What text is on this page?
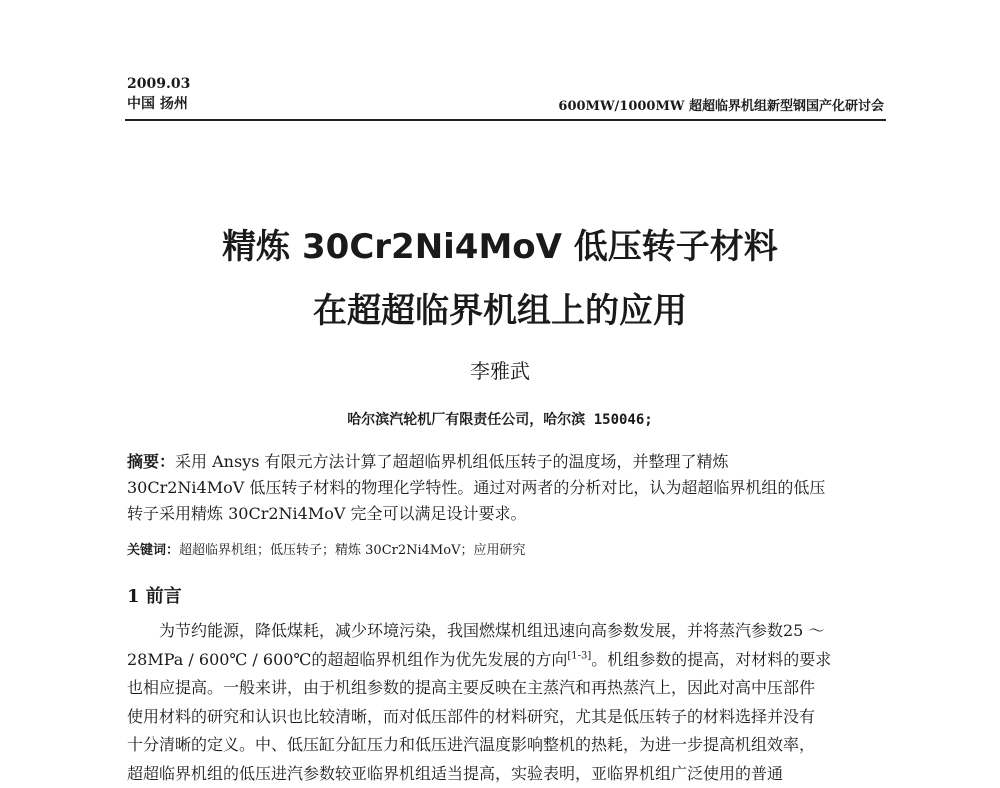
2009.03
中国 扬州	600MW/1000MW 超超临界机组新型钢国产化研讨会
精炼 30Cr2Ni4MoV 低压转子材料
在超超临界机组上的应用
李雅武
哈尔滨汽轮机厂有限责任公司，哈尔滨 150046;
摘要：采用 Ansys 有限元方法计算了超超临界机组低压转子的温度场，并整理了精炼
30Cr2Ni4MoV 低压转子材料的物理化学特性。通过对两者的分析对比，认为超超临界机组的低压
转子采用精炼 30Cr2Ni4MoV 完全可以满足设计要求。
关键词：超超临界机组；低压转子；精炼 30Cr2Ni4MoV；应用研究
1 前言
为节约能源，降低煤耗，减少环境污染，我国燃煤机组迅速向高参数发展，并将蒸汽参数25 ～
28MPa / 600℃ / 600℃的超超临界机组作为优先发展的方向[1-3]。机组参数的提高，对材料的要求
也相应提高。一般来讲，由于机组参数的提高主要反映在主蒸汽和再热蒸汽上，因此对高中压部件
使用材料的研究和认识也比较清晰，而对低压部件的材料研究，尤其是低压转子的材料选择并没有
十分清晰的定义。中、低压缸分缸压力和低压进汽温度影响整机的热耗，为进一步提高机组效率，
超超临界机组的低压进汽参数较亚临界机组适当提高，实验表明，亚临界机组广泛使用的普通
